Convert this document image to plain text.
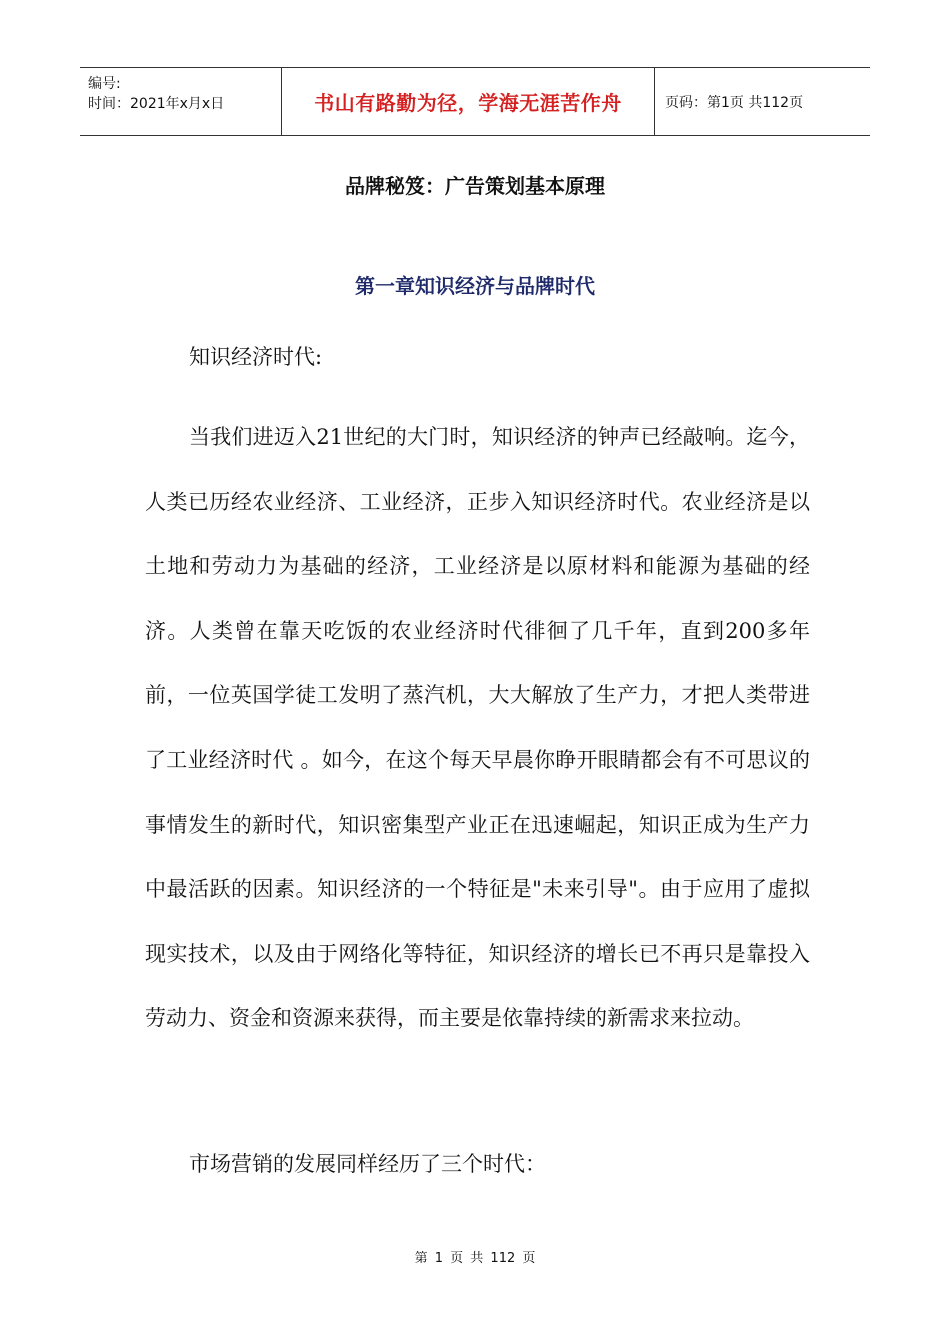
编号:
时间：2021年x月x日	书山有路勤为径，学海无涯苦作舟	页码：第1页 共112页
品牌秘笈：广告策划基本原理
第一章知识经济与品牌时代

知识经济时代:

当我们进迈入21世纪的大门时，知识经济的钟声已经敲响。迄今，人类已历经农业经济、工业经济，正步入知识经济时代。农业经济是以土地和劳动力为基础的经济，工业经济是以原材料和能源为基础的经济。人类曾在靠天吃饭的农业经济时代徘徊了几千年，直到200多年前，一位英国学徒工发明了蒸汽机，大大解放了生产力，才把人类带进了工业经济时代 。如今，在这个每天早晨你睁开眼睛都会有不可思议的事情发生的新时代，知识密集型产业正在迅速崛起，知识正成为生产力中最活跃的因素。知识经济的一个特征是"未来引导"。由于应用了虚拟现实技术，以及由于网络化等特征，知识经济的增长已不再只是靠投入劳动力、资金和资源来获得，而主要是依靠持续的新需求来拉动。

市场营销的发展同样经历了三个时代：

第 1 页 共 112 页
